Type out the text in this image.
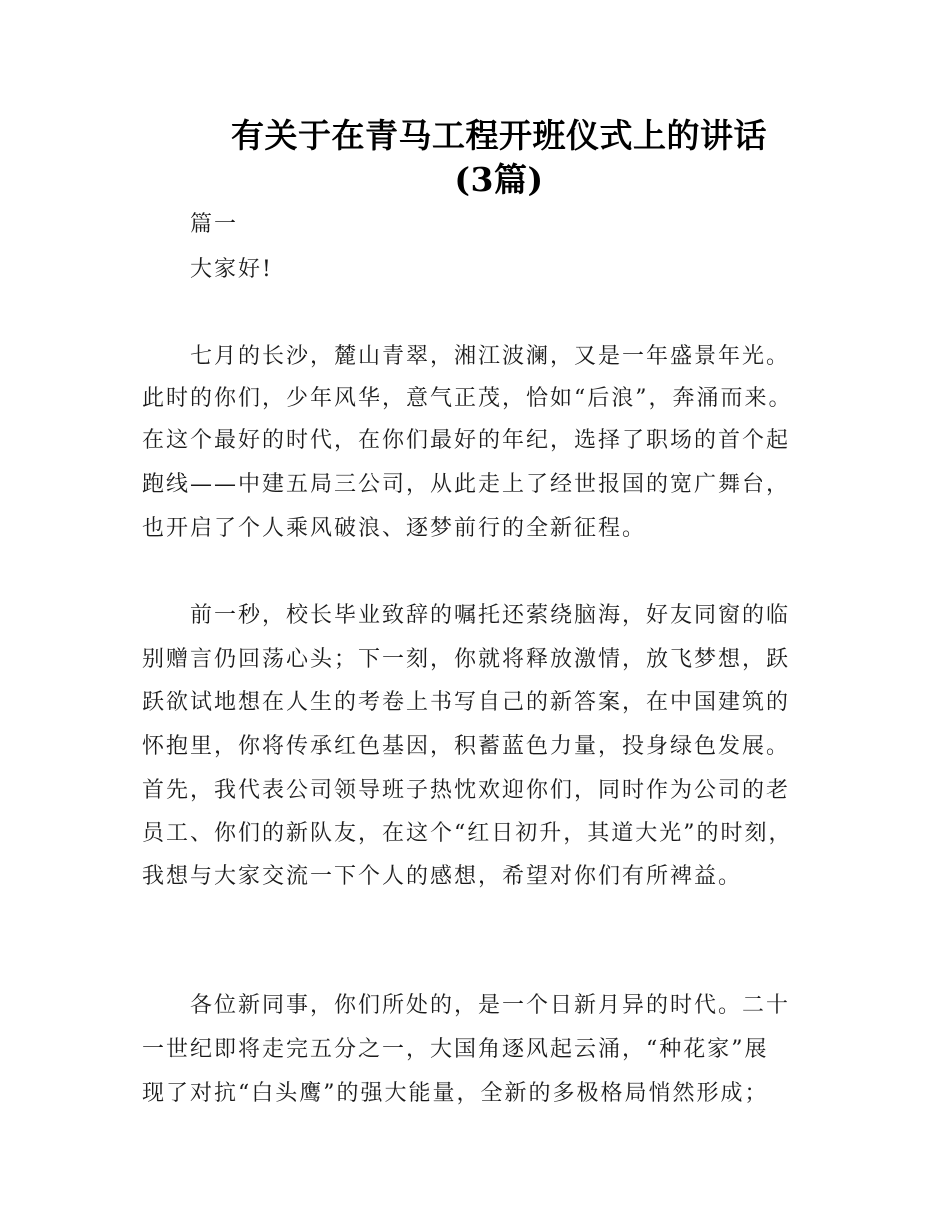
有关于在青马工程开班仪式上的讲话
(3篇)
篇一
大家好!
七月的长沙，麓山青翠，湘江波澜，又是一年盛景年光。
此时的你们，少年风华，意气正茂，恰如“后浪”，奔涌而来。
在这个最好的时代，在你们最好的年纪，选择了职场的首个起
跑线——中建五局三公司，从此走上了经世报国的宽广舞台，
也开启了个人乘风破浪、逐梦前行的全新征程。
前一秒，校长毕业致辞的嘱托还萦绕脑海，好友同窗的临
别赠言仍回荡心头；下一刻，你就将释放激情，放飞梦想，跃
跃欲试地想在人生的考卷上书写自己的新答案，在中国建筑的
怀抱里，你将传承红色基因，积蓄蓝色力量，投身绿色发展。
首先，我代表公司领导班子热忱欢迎你们，同时作为公司的老
员工、你们的新队友，在这个“红日初升，其道大光”的时刻，
我想与大家交流一下个人的感想，希望对你们有所裨益。
各位新同事，你们所处的，是一个日新月异的时代。二十
一世纪即将走完五分之一，大国角逐风起云涌，“种花家”展
现了对抗“白头鹰”的强大能量，全新的多极格局悄然形成；
